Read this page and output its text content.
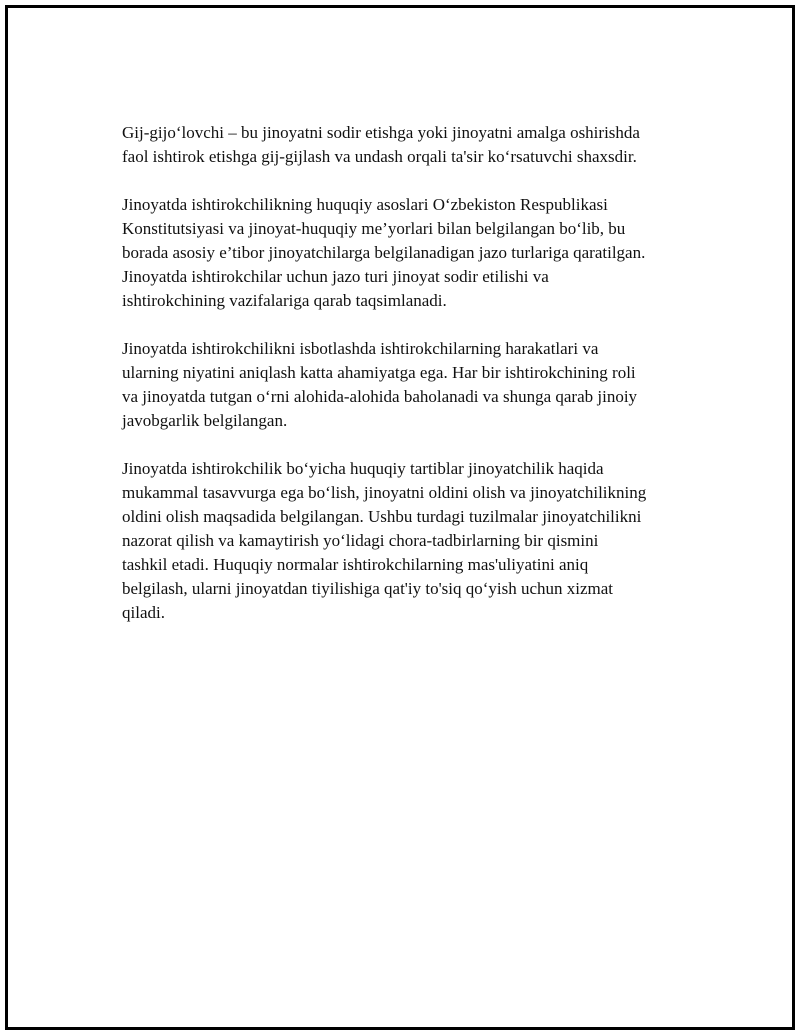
Gij-gijo‘lovchi – bu jinoyatni sodir etishga yoki jinoyatni amalga oshirishda
faol ishtirok etishga gij-gijlash va undash orqali ta'sir ko‘rsatuvchi shaxsdir.

Jinoyatda ishtirokchilikning huquqiy asoslari O‘zbekiston Respublikasi
Konstitutsiyasi va jinoyat-huquqiy me’yorlari bilan belgilangan bo‘lib, bu
borada asosiy e’tibor jinoyatchilarga belgilanadigan jazo turlariga qaratilgan.
Jinoyatda ishtirokchilar uchun jazo turi jinoyat sodir etilishi va
ishtirokchining vazifalariga qarab taqsimlanadi.

Jinoyatda ishtirokchilikni isbotlashda ishtirokchilarning harakatlari va
ularning niyatini aniqlash katta ahamiyatga ega. Har bir ishtirokchining roli
va jinoyatda tutgan o‘rni alohida-alohida baholanadi va shunga qarab jinoiy
javobgarlik belgilangan.

Jinoyatda ishtirokchilik bo‘yicha huquqiy tartiblar jinoyatchilik haqida
mukammal tasavvurga ega bo‘lish, jinoyatni oldini olish va jinoyatchilikning
oldini olish maqsadida belgilangan. Ushbu turdagi tuzilmalar jinoyatchilikni
nazorat qilish va kamaytirish yo‘lidagi chora-tadbirlarning bir qismini
tashkil etadi. Huquqiy normalar ishtirokchilarning mas'uliyatini aniq
belgilash, ularni jinoyatdan tiyilishiga qat'iy to'siq qo‘yish uchun xizmat
qiladi.
